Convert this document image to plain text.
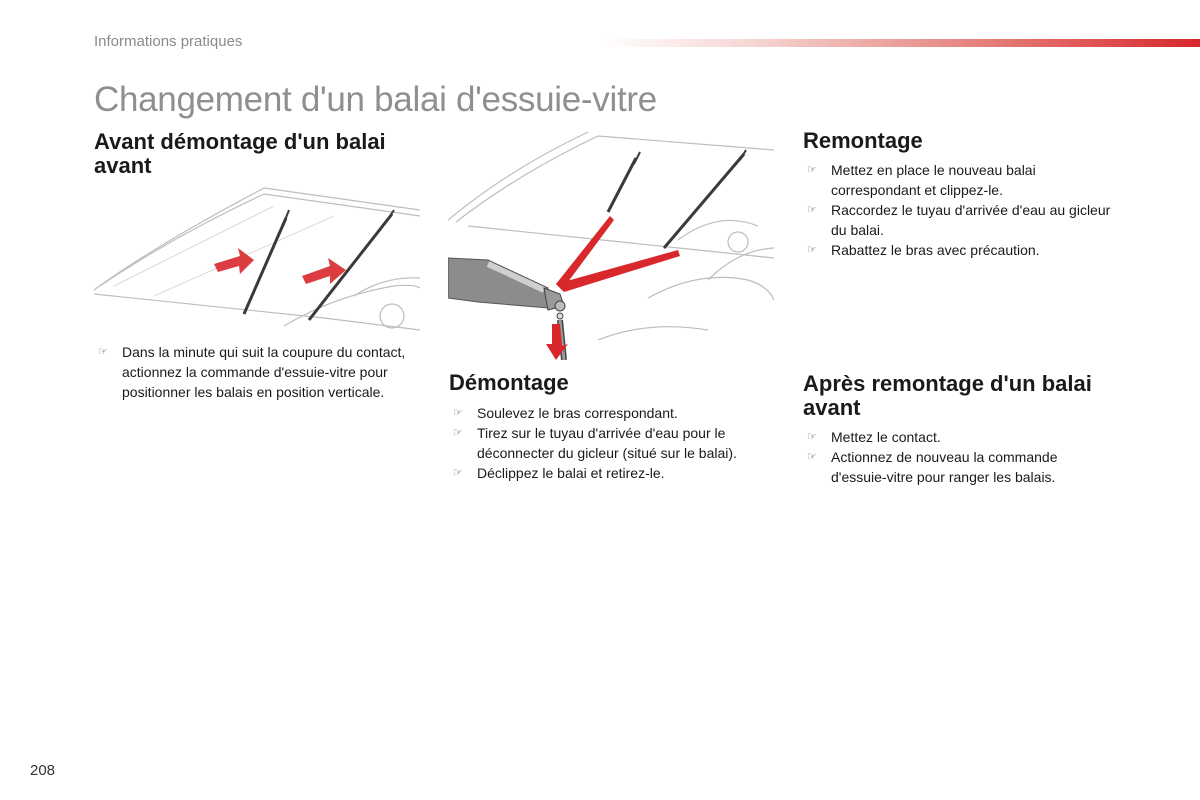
Informations pratiques
Changement d'un balai d'essuie-vitre
Avant démontage d'un balai avant
☞ Dans la minute qui suit la coupure du contact, actionnez la commande d'essuie-vitre pour positionner les balais en position verticale.	Démontage
☞ Soulevez le bras correspondant.
☞ Tirez sur le tuyau d'arrivée d'eau pour le déconnecter du gicleur (situé sur le balai).
☞ Déclippez le balai et retirez-le.
Remontage
☞ Mettez en place le nouveau balai correspondant et clippez-le.
☞ Raccordez le tuyau d'arrivée d'eau au gicleur du balai.
☞ Rabattez le bras avec précaution.
Après remontage d'un balai avant
☞ Mettez le contact.
☞ Actionnez de nouveau la commande d'essuie-vitre pour ranger les balais.
208
